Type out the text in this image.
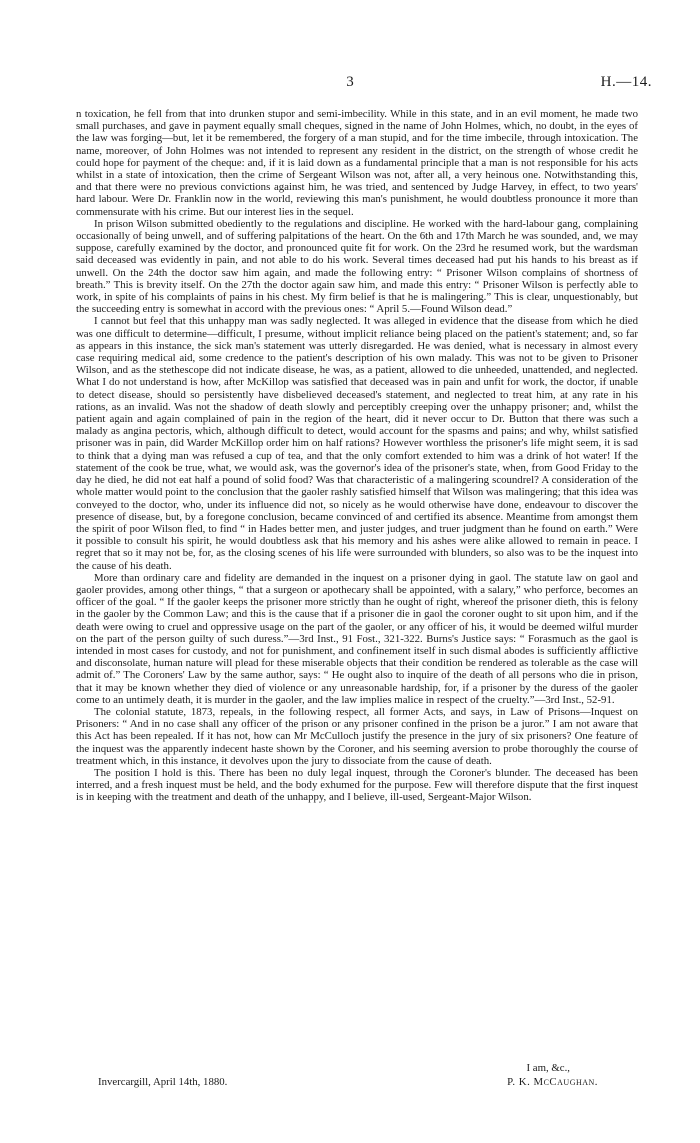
3	H.—14.

n toxication, he fell from that into drunken stupor and semi-imbecility. While in this state, and in an evil moment, he made two small purchases, and gave in payment equally small cheques, signed in the name of John Holmes, which, no doubt, in the eyes of the law was forging—but, let it be remembered, the forgery of a man stupid, and for the time imbecile, through intoxication. The name, moreover, of John Holmes was not intended to represent any resident in the district, on the strength of whose credit he could hope for payment of the cheque: and, if it is laid down as a fundamental principle that a man is not responsible for his acts whilst in a state of intoxication, then the crime of Sergeant Wilson was not, after all, a very heinous one. Notwithstanding this, and that there were no previous convictions against him, he was tried, and sentenced by Judge Harvey, in effect, to two years' hard labour. Were Dr. Franklin now in the world, reviewing this man's punishment, he would doubtless pronounce it more than commensurate with his crime. But our interest lies in the sequel.

In prison Wilson submitted obediently to the regulations and discipline. He worked with the hard-labour gang, complaining occasionally of being unwell, and of suffering palpitations of the heart. On the 6th and 17th March he was sounded, and, we may suppose, carefully examined by the doctor, and pronounced quite fit for work. On the 23rd he resumed work, but the wardsman said deceased was evidently in pain, and not able to do his work. Several times deceased had put his hands to his breast as if unwell. On the 24th the doctor saw him again, and made the following entry: “ Prisoner Wilson complains of shortness of breath.” This is brevity itself. On the 27th the doctor again saw him, and made this entry: “ Prisoner Wilson is perfectly able to work, in spite of his complaints of pains in his chest. My firm belief is that he is malingering.” This is clear, unquestionably, but the succeeding entry is somewhat in accord with the previous ones: “ April 5.—Found Wilson dead.”

I cannot but feel that this unhappy man was sadly neglected. It was alleged in evidence that the disease from which he died was one difficult to determine—difficult, I presume, without implicit reliance being placed on the patient's statement; and, so far as appears in this instance, the sick man's statement was utterly disregarded. He was denied, what is necessary in almost every case requiring medical aid, some credence to the patient's description of his own malady. This was not to be given to Prisoner Wilson, and as the stethescope did not indicate disease, he was, as a patient, allowed to die unheeded, unattended, and neglected. What I do not understand is how, after McKillop was satisfied that deceased was in pain and unfit for work, the doctor, if unable to detect disease, should so persistently have disbelieved deceased's statement, and neglected to treat him, at any rate in his rations, as an invalid. Was not the shadow of death slowly and perceptibly creeping over the unhappy prisoner; and, whilst the patient again and again complained of pain in the region of the heart, did it never occur to Dr. Button that there was such a malady as angina pectoris, which, although difficult to detect, would account for the spasms and pains; and why, whilst satisfied prisoner was in pain, did Warder McKillop order him on half rations? However worthless the prisoner's life might seem, it is sad to think that a dying man was refused a cup of tea, and that the only comfort extended to him was a drink of hot water! If the statement of the cook be true, what, we would ask, was the governor's idea of the prisoner's state, when, from Good Friday to the day he died, he did not eat half a pound of solid food? Was that characteristic of a malingering scoundrel? A consideration of the whole matter would point to the conclusion that the gaoler rashly satisfied himself that Wilson was malingering; that this idea was conveyed to the doctor, who, under its influence did not, so nicely as he would otherwise have done, endeavour to discover the presence of disease, but, by a foregone conclusion, became convinced of and certified its absence. Meantime from amongst them the spirit of poor Wilson fled, to find “ in Hades better men, and juster judges, and truer judgment than he found on earth.” Were it possible to consult his spirit, he would doubtless ask that his memory and his ashes were alike allowed to remain in peace. I regret that so it may not be, for, as the closing scenes of his life were surrounded with blunders, so also was to be the inquest into the cause of his death.

More than ordinary care and fidelity are demanded in the inquest on a prisoner dying in gaol. The statute law on gaol and gaoler provides, among other things, “ that a surgeon or apothecary shall be appointed, with a salary,” who perforce, becomes an officer of the goal. “ If the gaoler keeps the prisoner more strictly than he ought of right, whereof the prisoner dieth, this is felony in the gaoler by the Common Law; and this is the cause that if a prisoner die in gaol the coroner ought to sit upon him, and if the death were owing to cruel and oppressive usage on the part of the gaoler, or any officer of his, it would be deemed wilful murder on the part of the person guilty of such duress.”—3rd Inst., 91 Fost., 321-322. Burns's Justice says: “ Forasmuch as the gaol is intended in most cases for custody, and not for punishment, and confinement itself in such dismal abodes is sufficiently afflictive and disconsolate, human nature will plead for these miserable objects that their condition be rendered as tolerable as the case will admit of.” The Coroners' Law by the same author, says: “ He ought also to inquire of the death of all persons who die in prison, that it may be known whether they died of violence or any unreasonable hardship, for, if a prisoner by the duress of the gaoler come to an untimely death, it is murder in the gaoler, and the law implies malice in respect of the cruelty.”—3rd Inst., 52-91.

The colonial statute, 1873, repeals, in the following respect, all former Acts, and says, in Law of Prisons—Inquest on Prisoners: “ And in no case shall any officer of the prison or any prisoner confined in the prison be a juror.” I am not aware that this Act has been repealed. If it has not, how can Mr McCulloch justify the presence in the jury of six prisoners? One feature of the inquest was the apparently indecent haste shown by the Coroner, and his seeming aversion to probe thoroughly the course of treatment which, in this instance, it devolves upon the jury to dissociate from the cause of death.

The position I hold is this. There has been no duly legal inquest, through the Coroner's blunder. The deceased has been interred, and a fresh inquest must be held, and the body exhumed for the purpose. Few will therefore dispute that the first inquest is in keeping with the treatment and death of the unhappy, and I believe, ill-used, Sergeant-Major Wilson.

I am, &c.,
Invercargill, April 14th, 1880.	P. K. McCaughan.
